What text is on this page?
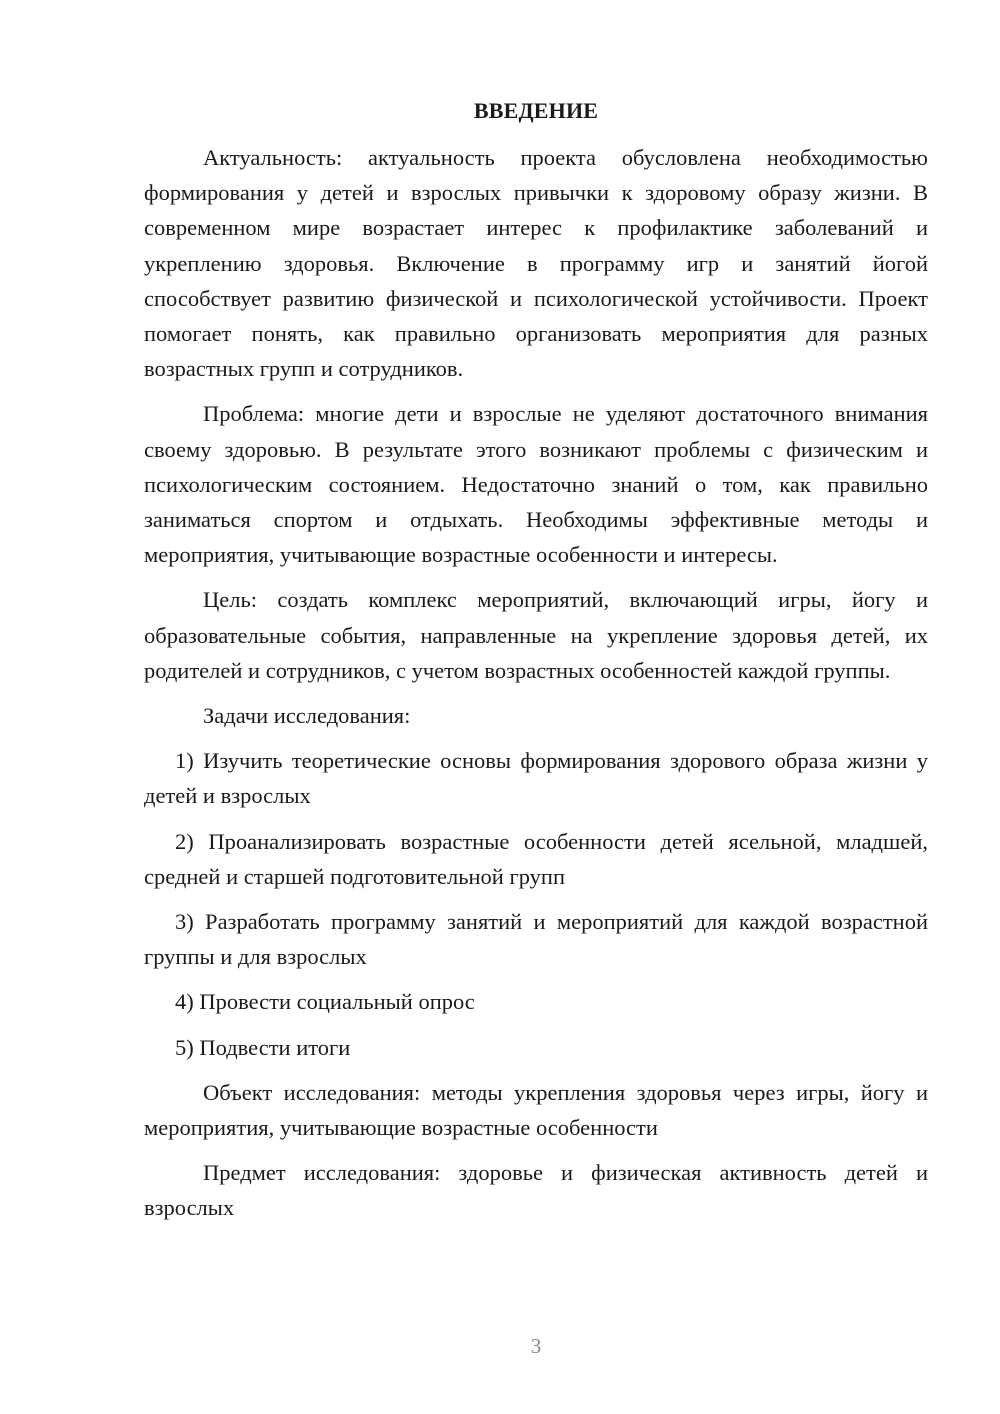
ВВЕДЕНИЕ

Актуальность: актуальность проекта обусловлена необходимостью формирования у детей и взрослых привычки к здоровому образу жизни. В современном мире возрастает интерес к профилактике заболеваний и укреплению здоровья. Включение в программу игр и занятий йогой способствует развитию физической и психологической устойчивости. Проект помогает понять, как правильно организовать мероприятия для разных возрастных групп и сотрудников.

Проблема: многие дети и взрослые не уделяют достаточного внимания своему здоровью. В результате этого возникают проблемы с физическим и психологическим состоянием. Недостаточно знаний о том, как правильно заниматься спортом и отдыхать. Необходимы эффективные методы и мероприятия, учитывающие возрастные особенности и интересы.

Цель: создать комплекс мероприятий, включающий игры, йогу и образовательные события, направленные на укрепление здоровья детей, их родителей и сотрудников, с учетом возрастных особенностей каждой группы.

Задачи исследования:

1) Изучить теоретические основы формирования здорового образа жизни у детей и взрослых

2) Проанализировать возрастные особенности детей ясельной, младшей, средней и старшей подготовительной групп

3) Разработать программу занятий и мероприятий для каждой возрастной группы и для взрослых

4) Провести социальный опрос

5) Подвести итоги

Объект исследования: методы укрепления здоровья через игры, йогу и мероприятия, учитывающие возрастные особенности

Предмет исследования: здоровье и физическая активность детей и взрослых

3
